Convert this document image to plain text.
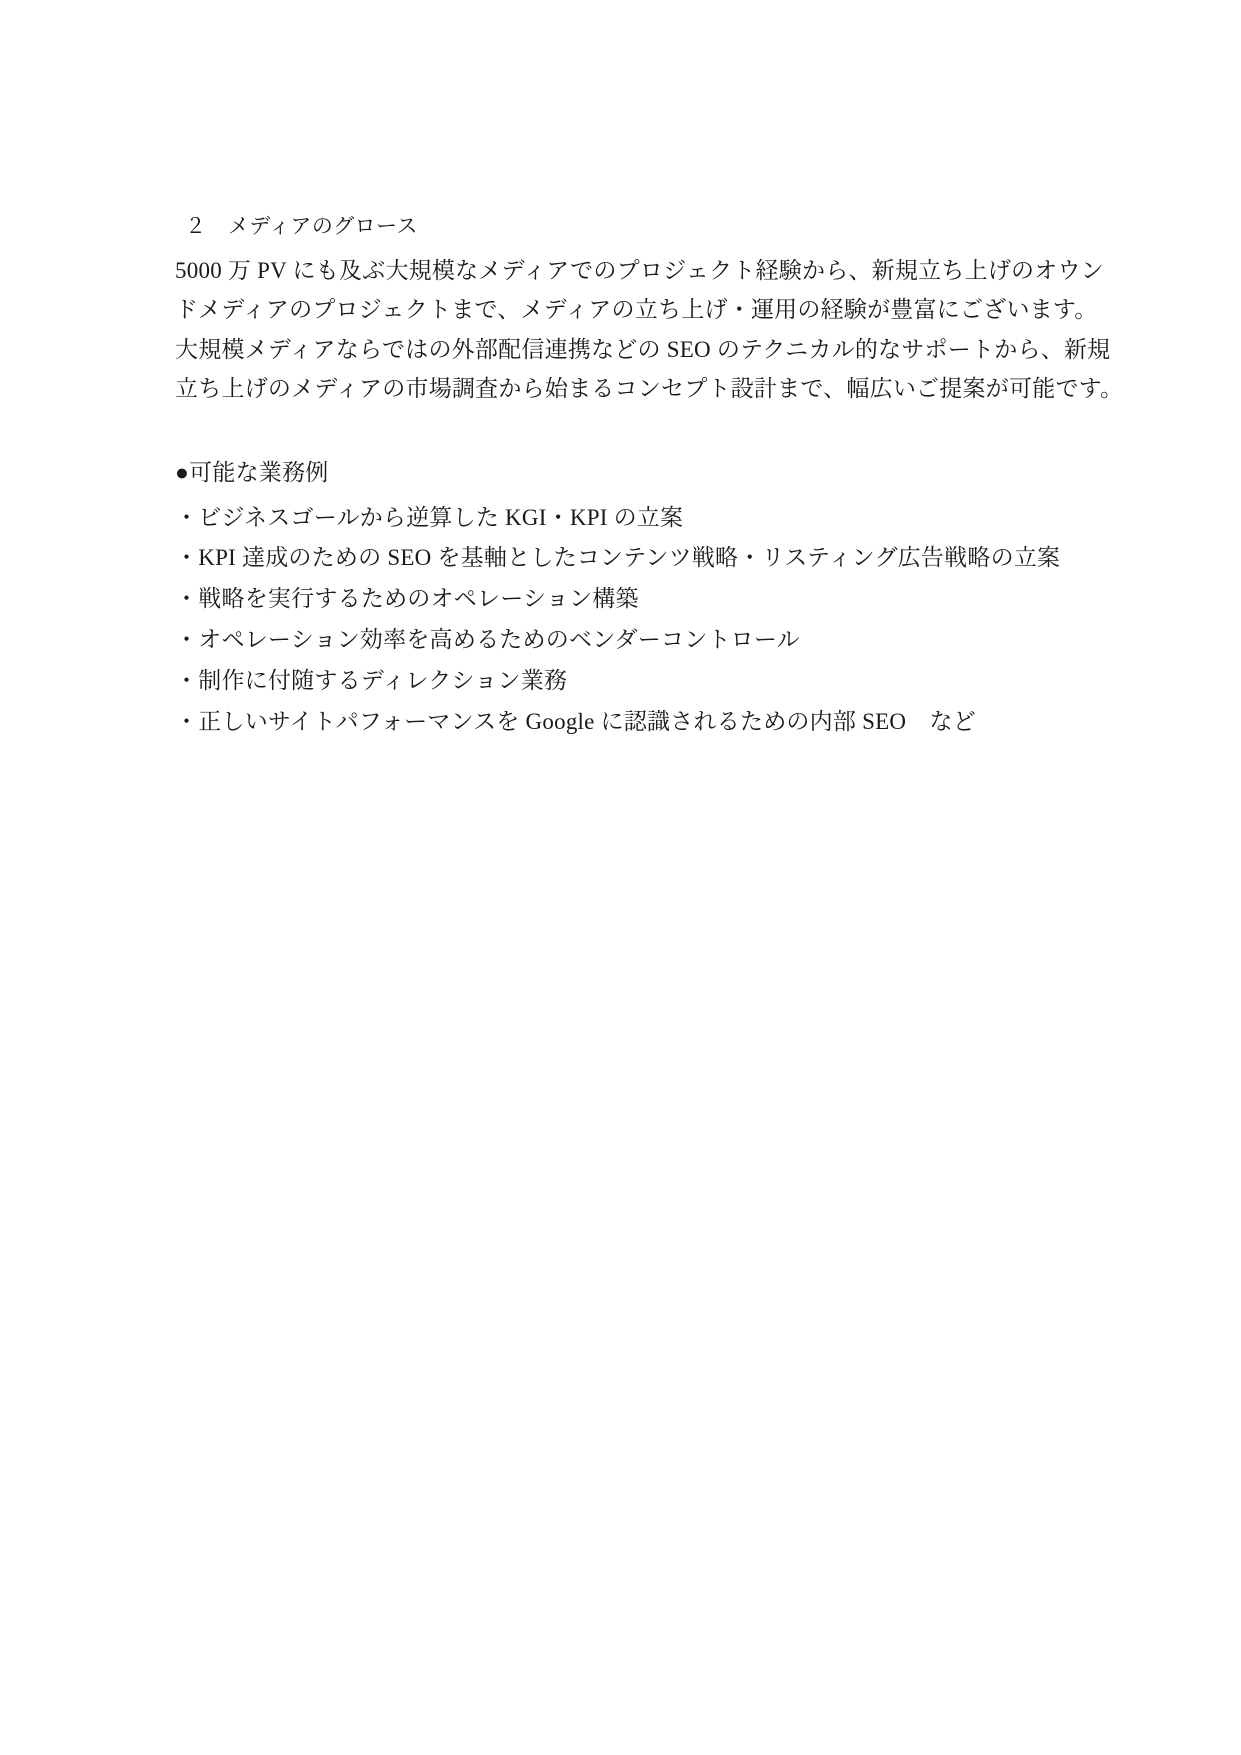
２　メディアのグロース

5000 万 PV にも及ぶ大規模なメディアでのプロジェクト経験から、新規立ち上げのオウン
ドメディアのプロジェクトまで、メディアの立ち上げ・運用の経験が豊富にございます。
大規模メディアならではの外部配信連携などの SEO のテクニカル的なサポートから、新規
立ち上げのメディアの市場調査から始まるコンセプト設計まで、幅広いご提案が可能です。

●可能な業務例
・ビジネスゴールから逆算した KGI・KPI の立案
・KPI 達成のための SEO を基軸としたコンテンツ戦略・リスティング広告戦略の立案
・戦略を実行するためのオペレーション構築
・オペレーション効率を高めるためのベンダーコントロール
・制作に付随するディレクション業務
・正しいサイトパフォーマンスを Google に認識されるための内部 SEO　など
